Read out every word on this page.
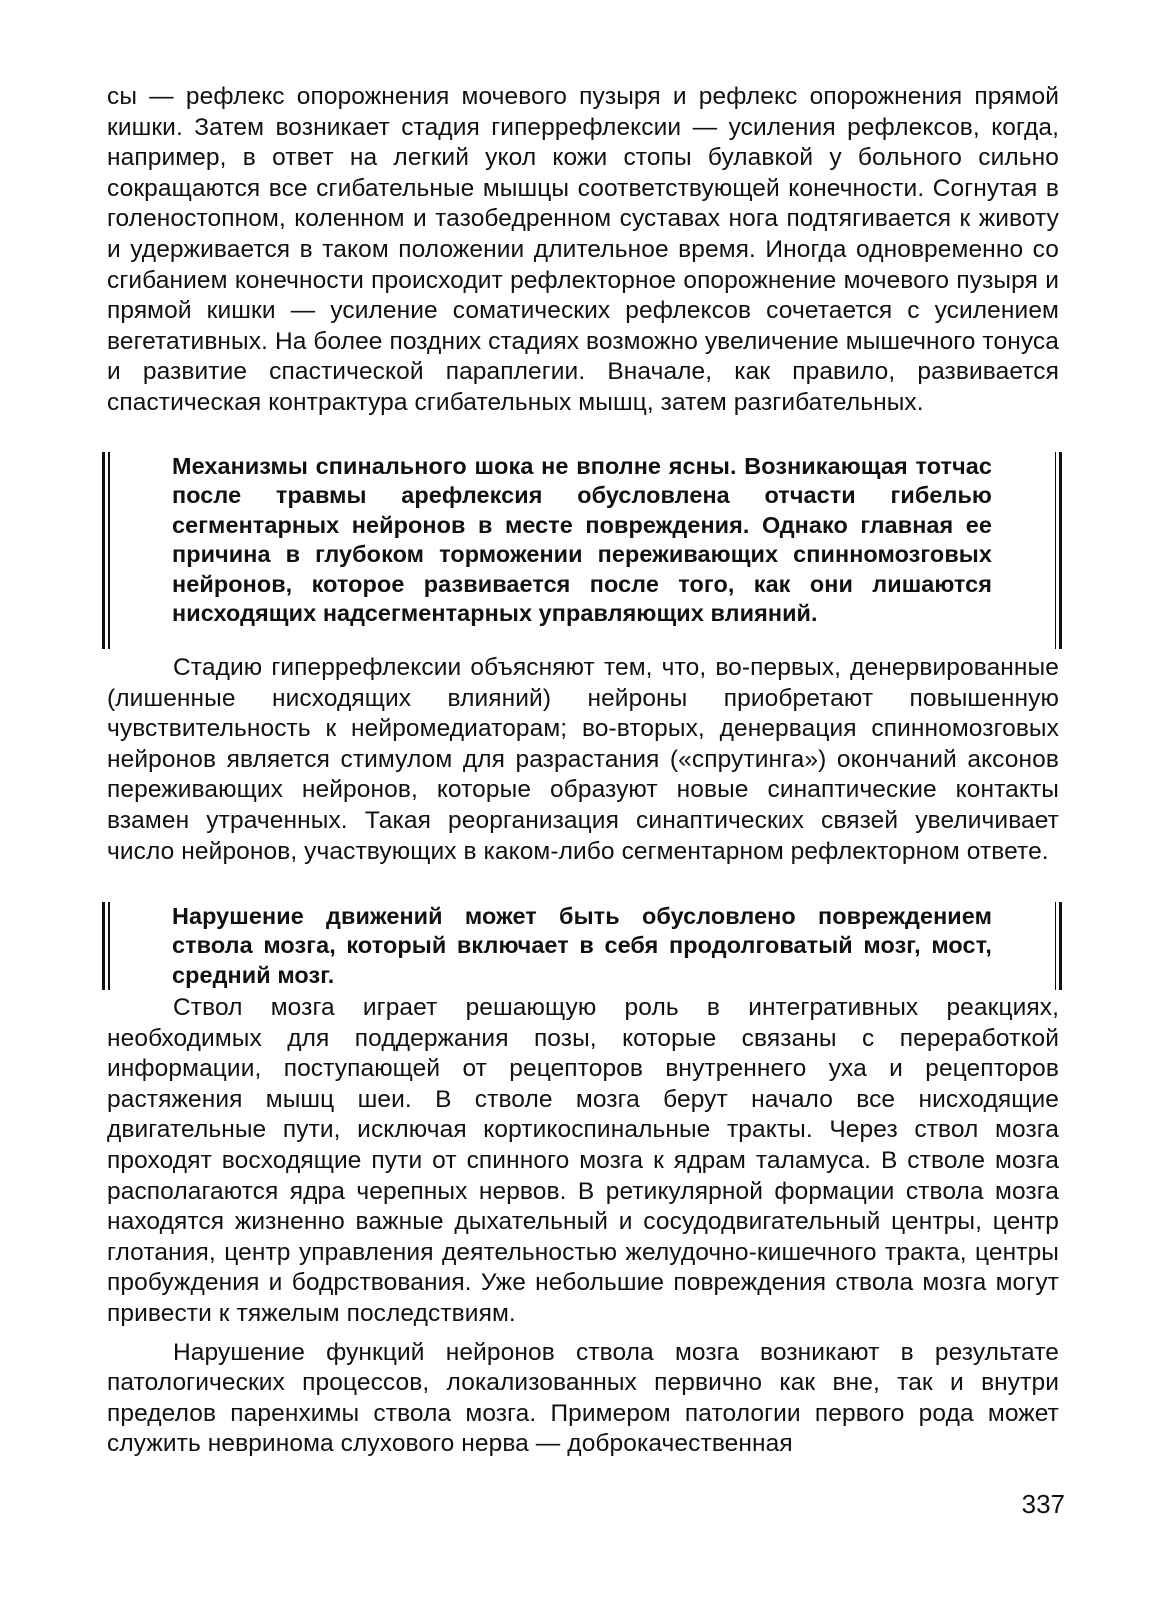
сы — рефлекс опорожнения мочевого пузыря и рефлекс опорожнения прямой кишки. Затем возникает стадия гиперрефлексии — усиления рефлексов, когда, например, в ответ на легкий укол кожи стопы булавкой у больного сильно сокращаются все сгибательные мышцы соответствующей конечности. Согнутая в голеностопном, коленном и тазобедренном суставах нога подтягивается к животу и удерживается в таком положении длительное время. Иногда одновременно со сгибанием конечности происходит рефлекторное опорожнение мочевого пузыря и прямой кишки — усиление соматических рефлексов сочетается с усилением вегетативных. На более поздних стадиях возможно увеличение мышечного тонуса и развитие спастической параплегии. Вначале, как правило, развивается спастическая контрактура сгибательных мышц, затем разгибательных.

Механизмы спинального шока не вполне ясны. Возникающая тотчас после травмы арефлексия обусловлена отчасти гибелью сегментарных нейронов в месте повреждения. Однако главная ее причина в глубоком торможении переживающих спинномозговых нейронов, которое развивается после того, как они лишаются нисходящих надсегментарных управляющих влияний.

Стадию гиперрефлексии объясняют тем, что, во-первых, денервированные (лишенные нисходящих влияний) нейроны приобретают повышенную чувствительность к нейромедиаторам; во-вторых, денервация спинномозговых нейронов является стимулом для разрастания («спрутинга») окончаний аксонов переживающих нейронов, которые образуют новые синаптические контакты взамен утраченных. Такая реорганизация синаптических связей увеличивает число нейронов, участвующих в каком-либо сегментарном рефлекторном ответе.

Нарушение движений может быть обусловлено повреждением ствола мозга, который включает в себя продолговатый мозг, мост, средний мозг.

Ствол мозга играет решающую роль в интегративных реакциях, необходимых для поддержания позы, которые связаны с переработкой информации, поступающей от рецепторов внутреннего уха и рецепторов растяжения мышц шеи. В стволе мозга берут начало все нисходящие двигательные пути, исключая кортикоспинальные тракты. Через ствол мозга проходят восходящие пути от спинного мозга к ядрам таламуса. В стволе мозга располагаются ядра черепных нервов. В ретикулярной формации ствола мозга находятся жизненно важные дыхательный и сосудодвигательный центры, центр глотания, центр управления деятельностью желудочно-кишечного тракта, центры пробуждения и бодрствования. Уже небольшие повреждения ствола мозга могут привести к тяжелым последствиям.

Нарушение функций нейронов ствола мозга возникают в результате патологических процессов, локализованных первично как вне, так и внутри пределов паренхимы ствола мозга. Примером патологии первого рода может служить невринома слухового нерва — доброкачественная

337
